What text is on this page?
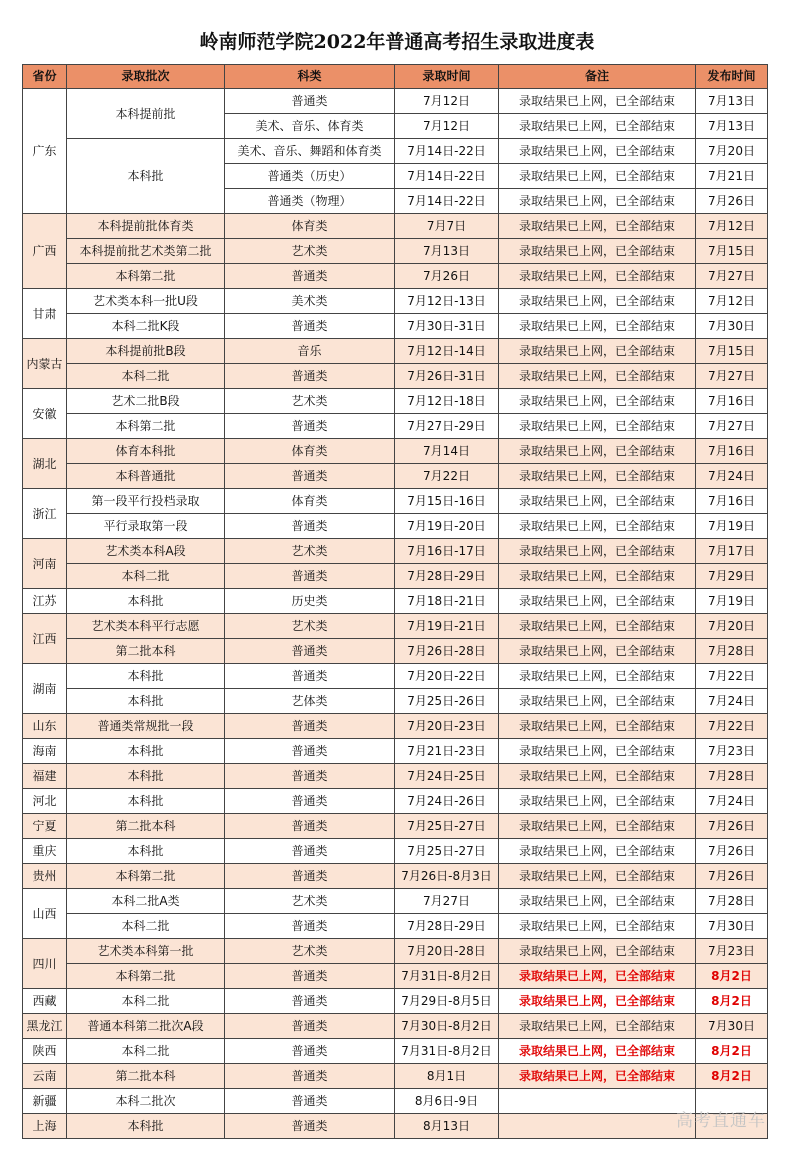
岭南师范学院2022年普通高考招生录取进度表
省份	录取批次	科类	录取时间	备注	发布时间
广东	本科提前批	普通类	7月12日	录取结果已上网，已全部结束	7月13日
		美术、音乐、体育类	7月12日	录取结果已上网，已全部结束	7月13日
	本科批	美术、音乐、舞蹈和体育类	7月14日-22日	录取结果已上网，已全部结束	7月20日
		普通类（历史）	7月14日-22日	录取结果已上网，已全部结束	7月21日
		普通类（物理）	7月14日-22日	录取结果已上网，已全部结束	7月26日
广西	本科提前批体育类	体育类	7月7日	录取结果已上网，已全部结束	7月12日
	本科提前批艺术类第二批	艺术类	7月13日	录取结果已上网，已全部结束	7月15日
	本科第二批	普通类	7月26日	录取结果已上网，已全部结束	7月27日
甘肃	艺术类本科一批U段	美术类	7月12日-13日	录取结果已上网，已全部结束	7月12日
	本科二批K段	普通类	7月30日-31日	录取结果已上网，已全部结束	7月30日
内蒙古	本科提前批B段	音乐	7月12日-14日	录取结果已上网，已全部结束	7月15日
	本科二批	普通类	7月26日-31日	录取结果已上网，已全部结束	7月27日
安徽	艺术二批B段	艺术类	7月12日-18日	录取结果已上网，已全部结束	7月16日
	本科第二批	普通类	7月27日-29日	录取结果已上网，已全部结束	7月27日
湖北	体育本科批	体育类	7月14日	录取结果已上网，已全部结束	7月16日
	本科普通批	普通类	7月22日	录取结果已上网，已全部结束	7月24日
浙江	第一段平行投档录取	体育类	7月15日-16日	录取结果已上网，已全部结束	7月16日
	平行录取第一段	普通类	7月19日-20日	录取结果已上网，已全部结束	7月19日
河南	艺术类本科A段	艺术类	7月16日-17日	录取结果已上网，已全部结束	7月17日
	本科二批	普通类	7月28日-29日	录取结果已上网，已全部结束	7月29日
江苏	本科批	历史类	7月18日-21日	录取结果已上网，已全部结束	7月19日
江西	艺术类本科平行志愿	艺术类	7月19日-21日	录取结果已上网，已全部结束	7月20日
	第二批本科	普通类	7月26日-28日	录取结果已上网，已全部结束	7月28日
湖南	本科批	普通类	7月20日-22日	录取结果已上网，已全部结束	7月22日
	本科批	艺体类	7月25日-26日	录取结果已上网，已全部结束	7月24日
山东	普通类常规批一段	普通类	7月20日-23日	录取结果已上网，已全部结束	7月22日
海南	本科批	普通类	7月21日-23日	录取结果已上网，已全部结束	7月23日
福建	本科批	普通类	7月24日-25日	录取结果已上网，已全部结束	7月28日
河北	本科批	普通类	7月24日-26日	录取结果已上网，已全部结束	7月24日
宁夏	第二批本科	普通类	7月25日-27日	录取结果已上网，已全部结束	7月26日
重庆	本科批	普通类	7月25日-27日	录取结果已上网，已全部结束	7月26日
贵州	本科第二批	普通类	7月26日-8月3日	录取结果已上网，已全部结束	7月26日
山西	本科二批A类	艺术类	7月27日	录取结果已上网，已全部结束	7月28日
	本科二批	普通类	7月28日-29日	录取结果已上网，已全部结束	7月30日
四川	艺术类本科第一批	艺术类	7月20日-28日	录取结果已上网，已全部结束	7月23日
	本科第二批	普通类	7月31日-8月2日	录取结果已上网，已全部结束	8月2日
西藏	本科二批	普通类	7月29日-8月5日	录取结果已上网，已全部结束	8月2日
黑龙江	普通本科第二批次A段	普通类	7月30日-8月2日	录取结果已上网，已全部结束	7月30日
陕西	本科二批	普通类	7月31日-8月2日	录取结果已上网，已全部结束	8月2日
云南	第二批本科	普通类	8月1日	录取结果已上网，已全部结束	8月2日
新疆	本科二批次	普通类	8月6日-9日		
上海	本科批	普通类	8月13日			高考直通车
